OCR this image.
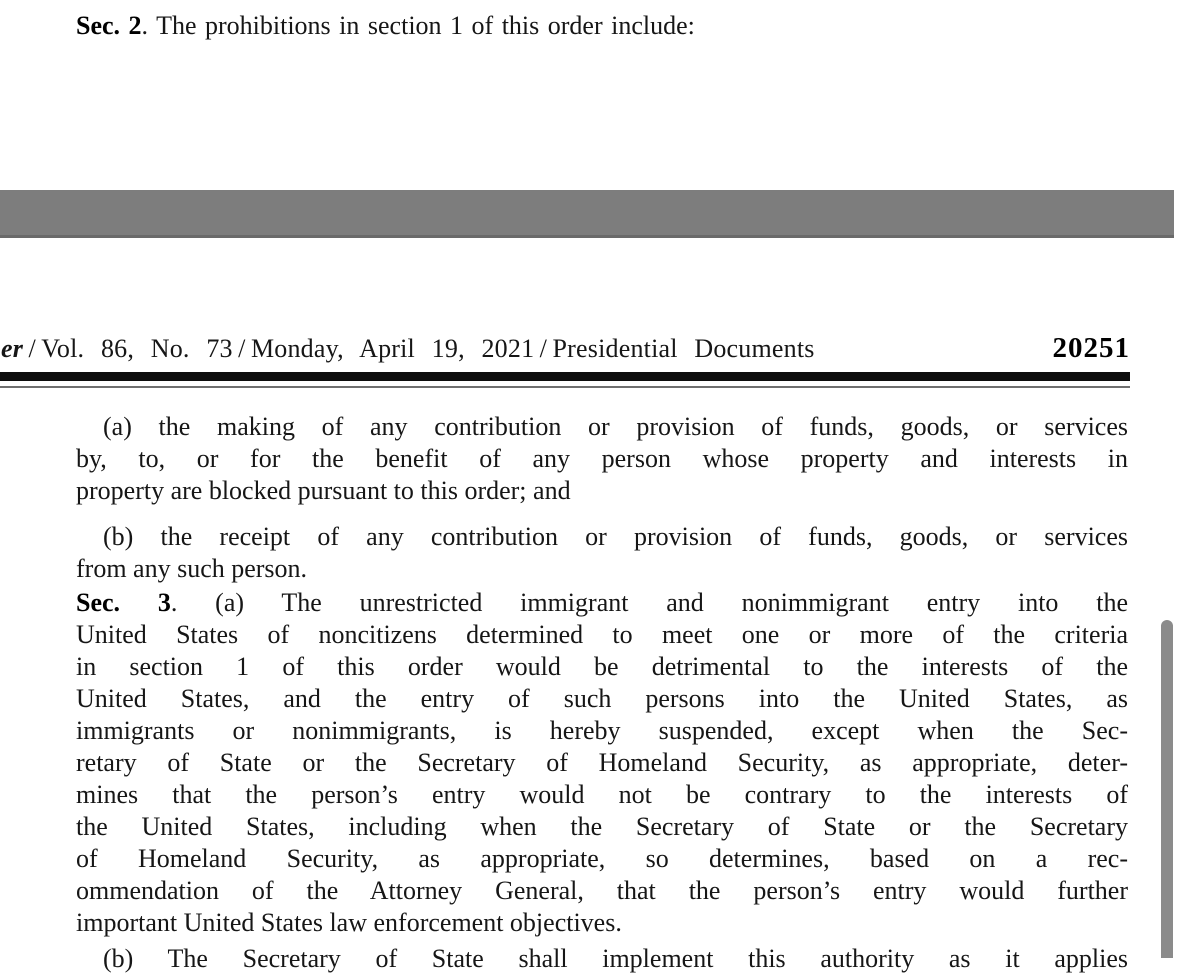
Sec. 2. The prohibitions in section 1 of this order include:
er / Vol. 86, No. 73 / Monday, April 19, 2021 / Presidential Documents	20251
(a) the making of any contribution or provision of funds, goods, or services
by, to, or for the benefit of any person whose property and interests in
property are blocked pursuant to this order; and
(b) the receipt of any contribution or provision of funds, goods, or services
from any such person.
Sec. 3. (a) The unrestricted immigrant and nonimmigrant entry into the
United States of noncitizens determined to meet one or more of the criteria
in section 1 of this order would be detrimental to the interests of the
United States, and the entry of such persons into the United States, as
immigrants or nonimmigrants, is hereby suspended, except when the Sec-
retary of State or the Secretary of Homeland Security, as appropriate, deter-
mines that the person’s entry would not be contrary to the interests of
the United States, including when the Secretary of State or the Secretary
of Homeland Security, as appropriate, so determines, based on a rec-
ommendation of the Attorney General, that the person’s entry would further
important United States law enforcement objectives.
(b) The Secretary of State shall implement this authority as it applies
